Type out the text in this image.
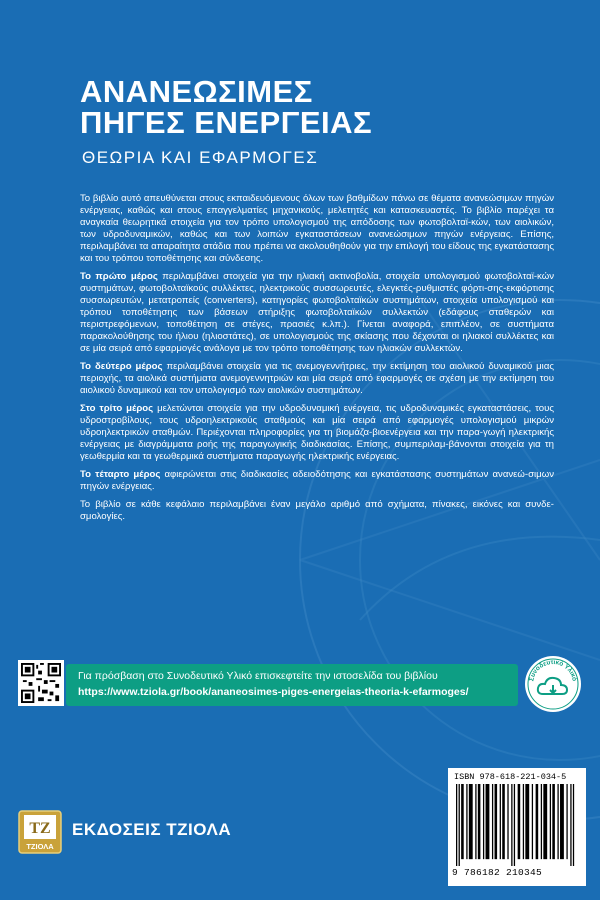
ΑΝΑΝΕΩΣΙΜΕΣ
ΠΗΓΕΣ ΕΝΕΡΓΕΙΑΣ
ΘΕΩΡΙΑ ΚΑΙ ΕΦΑΡΜΟΓΕΣ

Το βιβλίο αυτό απευθύνεται στους εκπαιδευόμενους όλων των βαθμίδων πάνω σε θέματα ανανεώσιμων πηγών ενέργειας, καθώς και στους επαγγελματίες μηχανικούς, μελετητές και κατασκευαστές. Το βιβλίο παρέχει τα αναγκαία θεωρητικά στοιχεία για τον τρόπο υπολογισμού της απόδοσης των φωτοβολταϊ-κών, των αιολικών, των υδροδυναμικών, καθώς και των λοιπών εγκαταστάσεων ανανεώσιμων πηγών ενέργειας. Επίσης, περιλαμβάνει τα απαραίτητα στάδια που πρέπει να ακολουθηθούν για την επιλογή του είδους της εγκατάστασης και του τρόπου τοποθέτησης και σύνδεσης.

Το πρώτο μέρος περιλαμβάνει στοιχεία για την ηλιακή ακτινοβολία, στοιχεία υπολογισμού φωτοβολταϊ-κών συστημάτων, φωτοβολταϊκούς συλλέκτες, ηλεκτρικούς συσσωρευτές, ελεγκτές-ρυθμιστές φόρτι-σης-εκφόρτισης συσσωρευτών, μετατροπείς (converters), κατηγορίες φωτοβολταϊκών συστημάτων, στοιχεία υπολογισμού και τρόπου τοποθέτησης των βάσεων στήριξης φωτοβολταϊκών συλλεκτών (εδάφους σταθερών και περιστρεφόμενων, τοποθέτηση σε στέγες, πρασιές κ.λπ.). Γίνεται αναφορά, επιπλέον, σε συστήματα παρακολούθησης του ήλιου (ηλιοστάτες), σε υπολογισμούς της σκίασης που δέχονται οι ηλιακοί συλλέκτες και σε μία σειρά από εφαρμογές ανάλογα με τον τρόπο τοποθέτησης των ηλιακών συλλεκτών.

Το δεύτερο μέρος περιλαμβάνει στοιχεία για τις ανεμογεννήτριες, την εκτίμηση του αιολικού δυναμικού μιας περιοχής, τα αιολικά συστήματα ανεμογεννητριών και μία σειρά από εφαρμογές σε σχέση με την εκτίμηση του αιολικού δυναμικού και τον υπολογισμό των αιολικών συστημάτων.

Στο τρίτο μέρος μελετώνται στοιχεία για την υδροδυναμική ενέργεια, τις υδροδυναμικές εγκαταστάσεις, τους υδροστροβίλους, τους υδροηλεκτρικούς σταθμούς και μία σειρά από εφαρμογές υπολογισμού μικρών υδροηλεκτρικών σταθμών. Περιέχονται πληροφορίες για τη βιομάζα-βιοενέργεια και την παρα-γωγή ηλεκτρικής ενέργειας με διαγράμματα ροής της παραγωγικής διαδικασίας. Επίσης, συμπεριλαμ-βάνονται στοιχεία για τη γεωθερμία και τα γεωθερμικά συστήματα παραγωγής ηλεκτρικής ενέργειας.

Το τέταρτο μέρος αφιερώνεται στις διαδικασίες αδειοδότησης και εγκατάστασης συστημάτων ανανεώ-σιμων πηγών ενέργειας.

Το βιβλίο σε κάθε κεφάλαιο περιλαμβάνει έναν μεγάλο αριθμό από σχήματα, πίνακες, εικόνες και συνδε-σμολογίες.

Για πρόσβαση στο Συνοδευτικό Υλικό επισκεφτείτε την ιστοσελίδα του βιβλίου
https://www.tziola.gr/book/ananeosimes-piges-energeias-theoria-k-efarmoges/
Συνοδευτικό Υλικό
ISBN 978-618-221-034-5
9 786182 210345
ΤΖ
ΤΖΙΟΛΑ
ΕΚΔΟΣΕΙΣ ΤΖΙΟΛΑ
